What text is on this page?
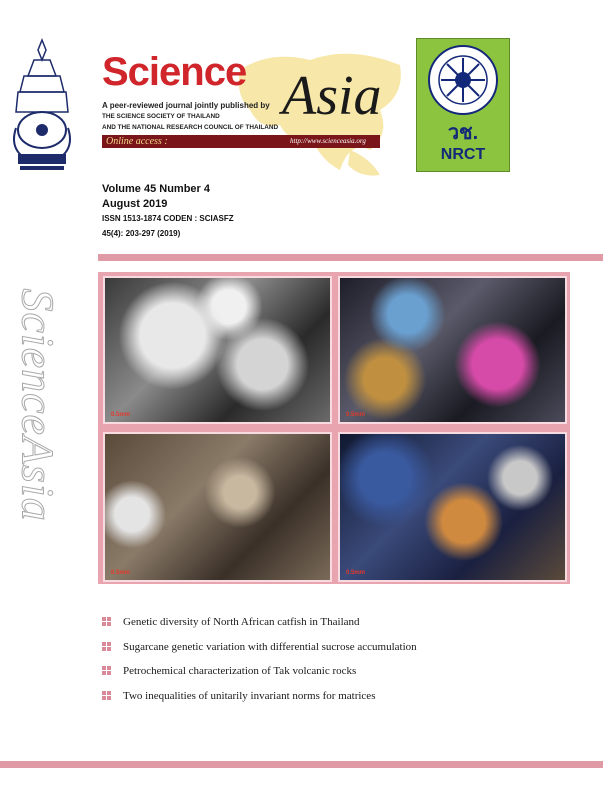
Science Asia
A peer-reviewed journal jointly published by
THE SCIENCE SOCIETY OF THAILAND
AND THE NATIONAL RESEARCH COUNCIL OF THAILAND
Online access :	http://www.scienceasia.org	วช.
NRCT
Volume 45 Number 4
August 2019
ISSN 1513-1874 CODEN : SCIASFZ
45(4): 203-297 (2019)
ScienceAsia	0.5mm	0.5mm
0.5mm	0.5mm
Genetic diversity of North African catfish in Thailand
Sugarcane genetic variation with differential sucrose accumulation
Petrochemical characterization of Tak volcanic rocks
Two inequalities of unitarily invariant norms for matrices
